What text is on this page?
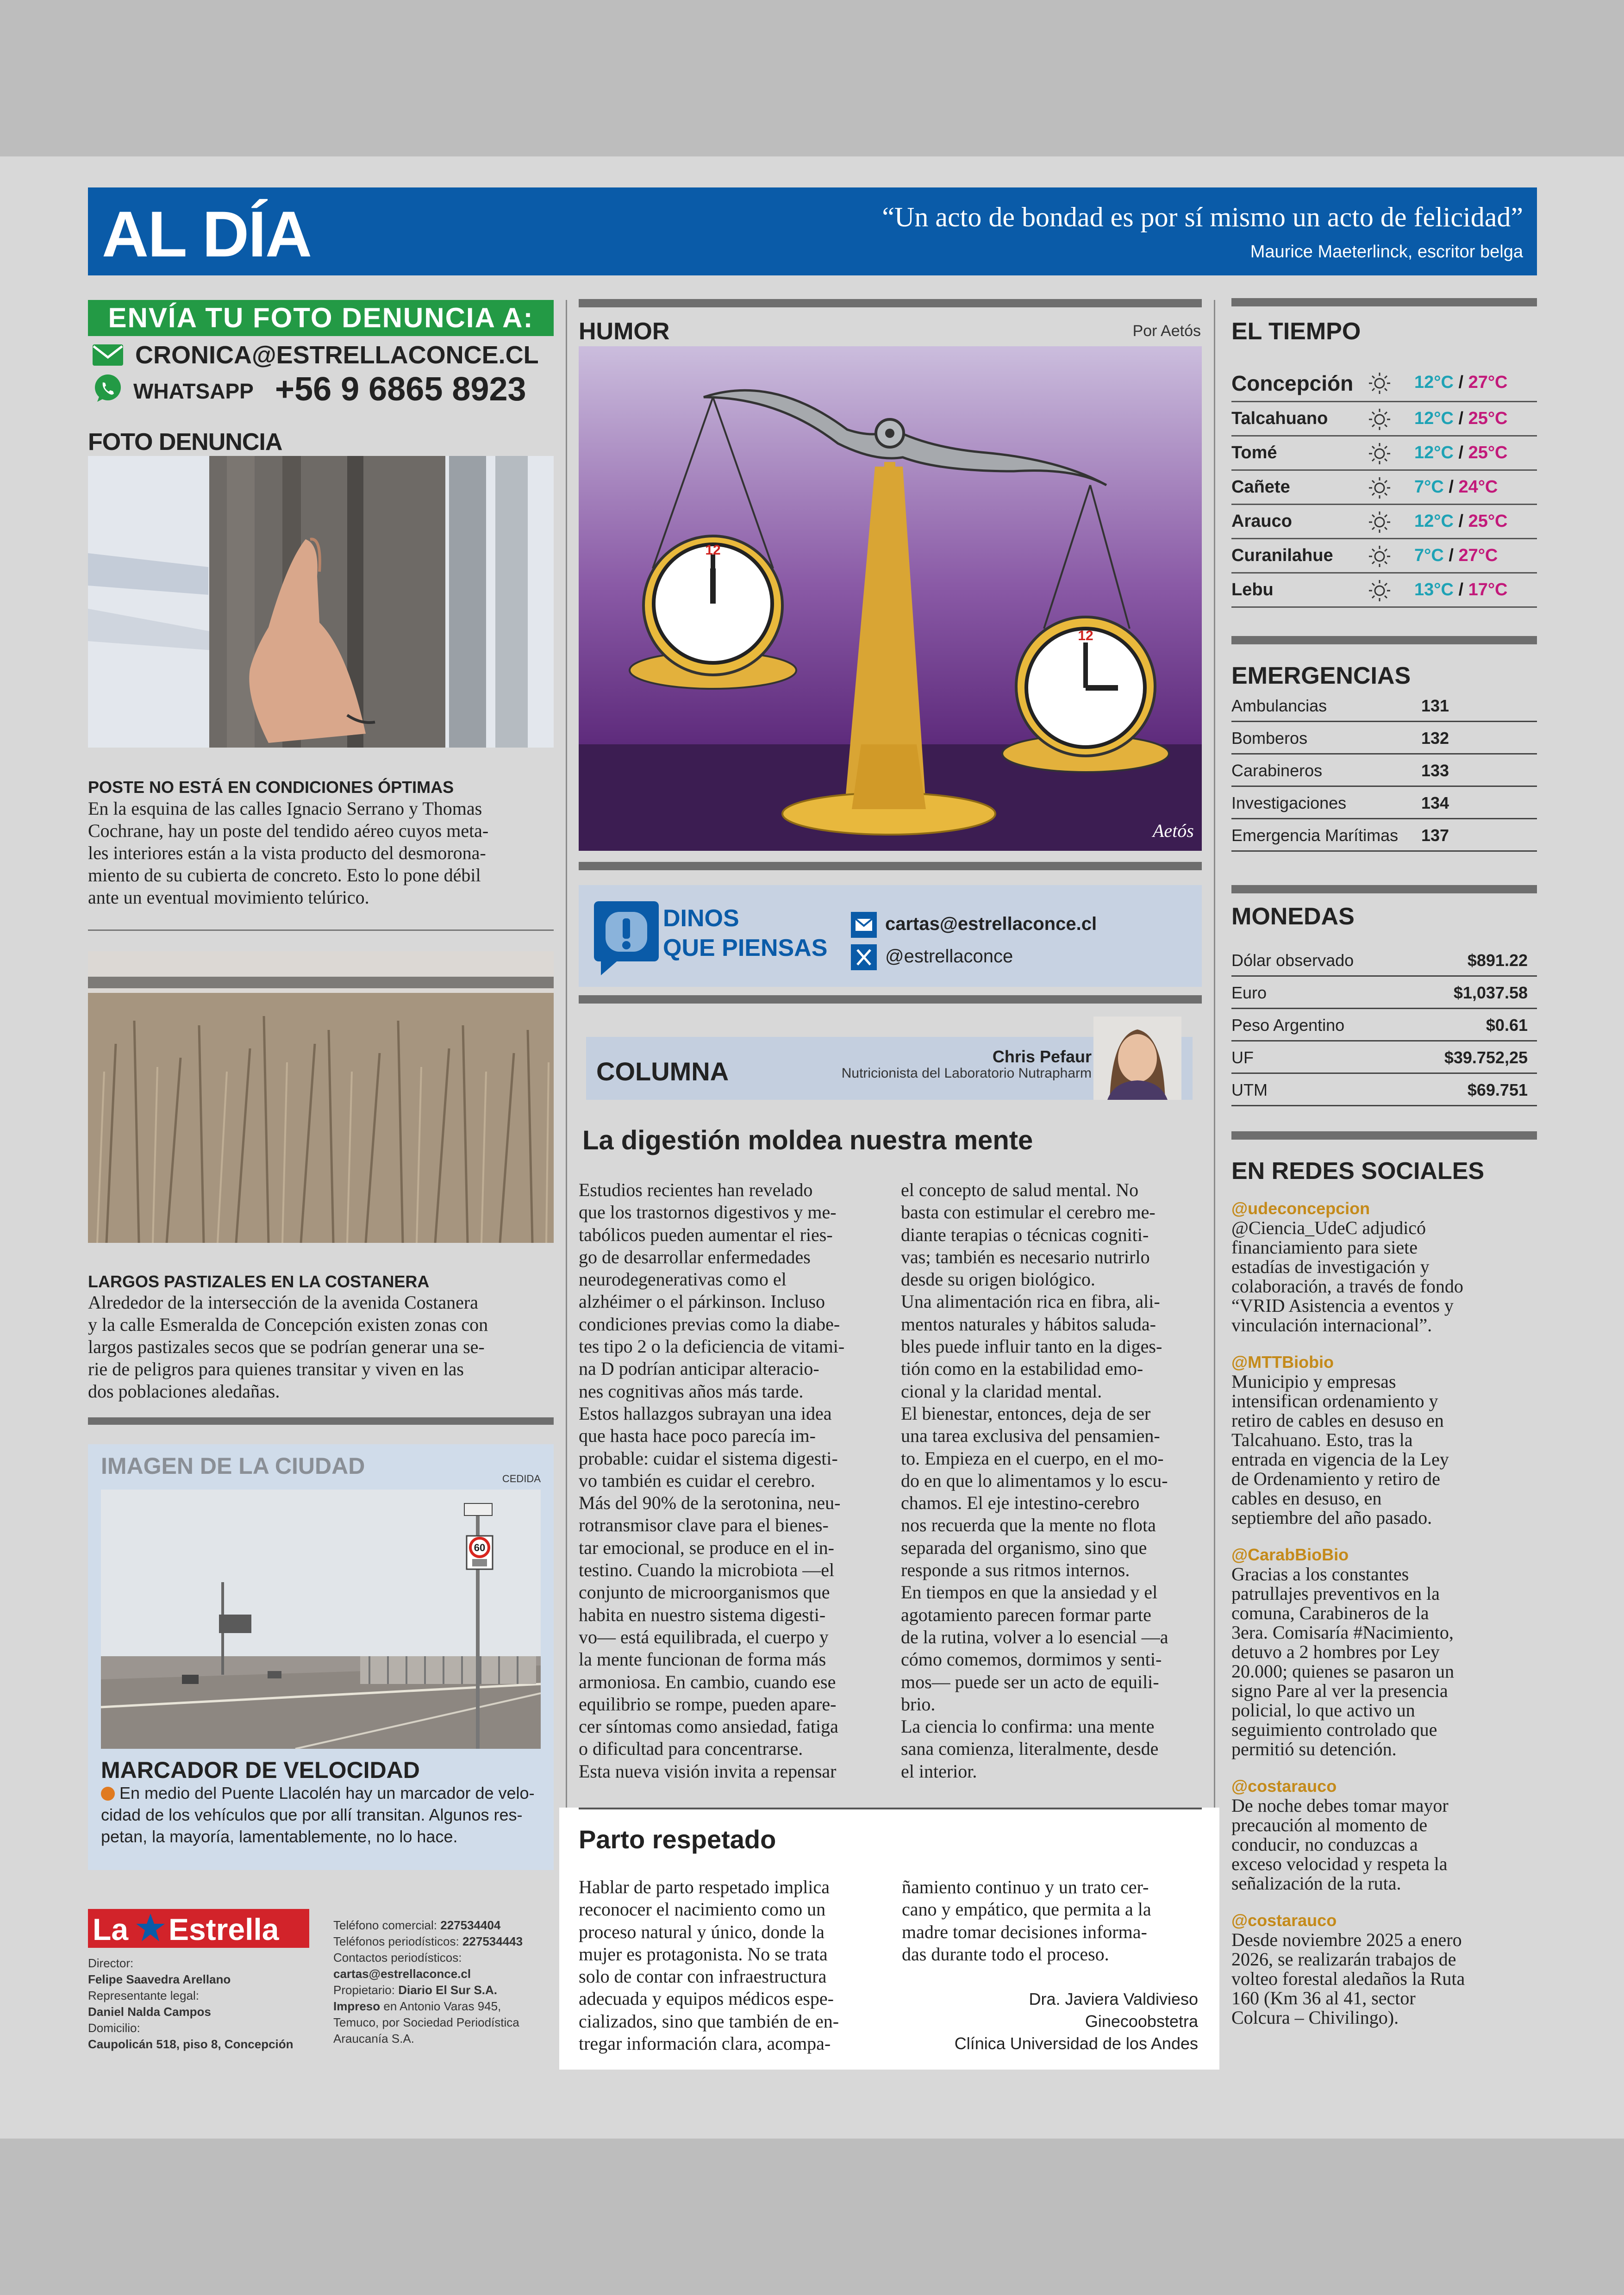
AL DÍA	“Un acto de bondad es por sí mismo un acto de felicidad”
Maurice Maeterlinck, escritor belga
ENVÍA TU FOTO DENUNCIA A:
CRONICA@ESTRELLACONCE.CL
WHATSAPP +56 9 6865 8923
FOTO DENUNCIA
POSTE NO ESTÁ EN CONDICIONES ÓPTIMAS
En la esquina de las calles Ignacio Serrano y Thomas
Cochrane, hay un poste del tendido aéreo cuyos meta-
les interiores están a la vista producto del desmorona-
miento de su cubierta de concreto. Esto lo pone débil
ante un eventual movimiento telúrico.
LARGOS PASTIZALES EN LA COSTANERA
Alrededor de la intersección de la avenida Costanera
y la calle Esmeralda de Concepción existen zonas con
largos pastizales secos que se podrían generar una se-
rie de peligros para quienes transitar y viven en las
dos poblaciones aledañas.
IMAGEN DE LA CIUDAD	CEDIDA
60
MARCADOR DE VELOCIDAD
En medio del Puente Llacolén hay un marcador de velo-
cidad de los vehículos que por allí transitan. Algunos res-
petan, la mayoría, lamentablemente, no lo hace.
La Estrella
Director:
Felipe Saavedra Arellano
Representante legal:
Daniel Nalda Campos
Domicilio:
Caupolicán 518, piso 8, Concepción
Teléfono comercial: 227534404
Teléfonos periodísticos: 227534443
Contactos periodísticos:
cartas@estrellaconce.cl
Propietario: Diario El Sur S.A.
Impreso en Antonio Varas 945,
Temuco, por Sociedad Periodística
Araucanía S.A.
HUMOR	Por Aetós
12
12
Aetós
DINOS
QUE PIENSAS
cartas@estrellaconce.cl
@estrellaconce
COLUMNA
Chris Pefaur
Nutricionista del Laboratorio Nutrapharm
La digestión moldea nuestra mente
Estudios recientes han revelado
que los trastornos digestivos y me-
tabólicos pueden aumentar el ries-
go de desarrollar enfermedades
neurodegenerativas como el
alzhéimer o el párkinson. Incluso
condiciones previas como la diabe-
tes tipo 2 o la deficiencia de vitami-
na D podrían anticipar alteracio-
nes cognitivas años más tarde.
Estos hallazgos subrayan una idea
que hasta hace poco parecía im-
probable: cuidar el sistema digesti-
vo también es cuidar el cerebro.
Más del 90% de la serotonina, neu-
rotransmisor clave para el bienes-
tar emocional, se produce en el in-
testino. Cuando la microbiota —el
conjunto de microorganismos que
habita en nuestro sistema digesti-
vo— está equilibrada, el cuerpo y
la mente funcionan de forma más
armoniosa. En cambio, cuando ese
equilibrio se rompe, pueden apare-
cer síntomas como ansiedad, fatiga
o dificultad para concentrarse.
Esta nueva visión invita a repensar
el concepto de salud mental. No
basta con estimular el cerebro me-
diante terapias o técnicas cogniti-
vas; también es necesario nutrirlo
desde su origen biológico.
Una alimentación rica en fibra, ali-
mentos naturales y hábitos saluda-
bles puede influir tanto en la diges-
tión como en la estabilidad emo-
cional y la claridad mental.
El bienestar, entonces, deja de ser
una tarea exclusiva del pensamien-
to. Empieza en el cuerpo, en el mo-
do en que lo alimentamos y lo escu-
chamos. El eje intestino-cerebro
nos recuerda que la mente no flota
separada del organismo, sino que
responde a sus ritmos internos.
En tiempos en que la ansiedad y el
agotamiento parecen formar parte
de la rutina, volver a lo esencial —a
cómo comemos, dormimos y senti-
mos— puede ser un acto de equili-
brio.
La ciencia lo confirma: una mente
sana comienza, literalmente, desde
el interior.
Parto respetado
Hablar de parto respetado implica
reconocer el nacimiento como un
proceso natural y único, donde la
mujer es protagonista. No se trata
solo de contar con infraestructura
adecuada y equipos médicos espe-
cializados, sino que también de en-
tregar información clara, acompa-
ñamiento continuo y un trato cer-
cano y empático, que permita a la
madre tomar decisiones informa-
das durante todo el proceso.
Dra. Javiera Valdivieso
Ginecoobstetra
Clínica Universidad de los Andes
EL TIEMPO
Concepción	12°C / 27°C
Talcahuano	12°C / 25°C
Tomé	12°C / 25°C
Cañete	7°C / 24°C
Arauco	12°C / 25°C
Curanilahue	7°C / 27°C
Lebu	13°C / 17°C
EMERGENCIAS
Ambulancias	131
Bomberos	132
Carabineros	133
Investigaciones	134
Emergencia Marítimas 137
MONEDAS
Dólar observado	$891.22
Euro	$1,037.58
Peso Argentino	$0.61
UF	$39.752,25
UTM	$69.751
EN REDES SOCIALES
@udeconcepcion
@Ciencia_UdeC adjudicó
financiamiento para siete
estadías de investigación y
colaboración, a través de fondo
“VRID Asistencia a eventos y
vinculación internacional”.
@MTTBiobio
Municipio y empresas
intensifican ordenamiento y
retiro de cables en desuso en
Talcahuano. Esto, tras la
entrada en vigencia de la Ley
de Ordenamiento y retiro de
cables en desuso, en
septiembre del año pasado.
@CarabBioBio
Gracias a los constantes
patrullajes preventivos en la
comuna, Carabineros de la
3era. Comisaría #Nacimiento,
detuvo a 2 hombres por Ley
20.000; quienes se pasaron un
signo Pare al ver la presencia
policial, lo que activo un
seguimiento controlado que
permitió su detención.
@costarauco
De noche debes tomar mayor
precaución al momento de
conducir, no conduzcas a
exceso velocidad y respeta la
señalización de la ruta.
@costarauco
Desde noviembre 2025 a enero
2026, se realizarán trabajos de
volteo forestal aledaños la Ruta
160 (Km 36 al 41, sector
Colcura – Chivilingo).
